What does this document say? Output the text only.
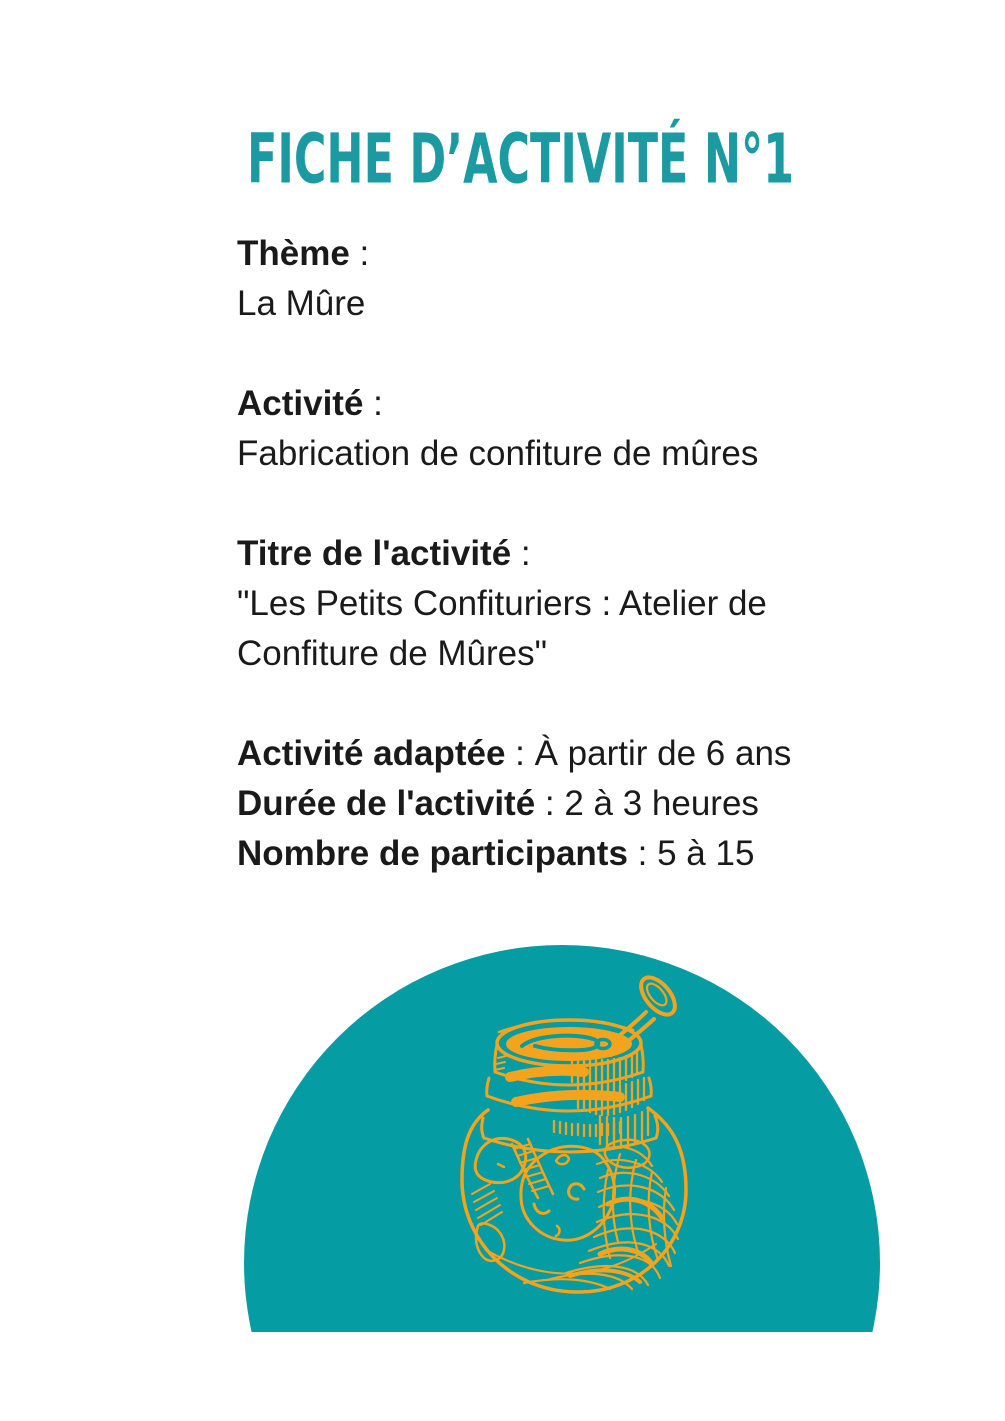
FICHE D’ACTIVITÉ N°1

Thème :
La Mûre

Activité :
Fabrication de confiture de mûres

Titre de l'activité :
"Les Petits Confituriers : Atelier de
Confiture de Mûres"

Activité adaptée : À partir de 6 ans
Durée de l'activité : 2 à 3 heures
Nombre de participants : 5 à 15
